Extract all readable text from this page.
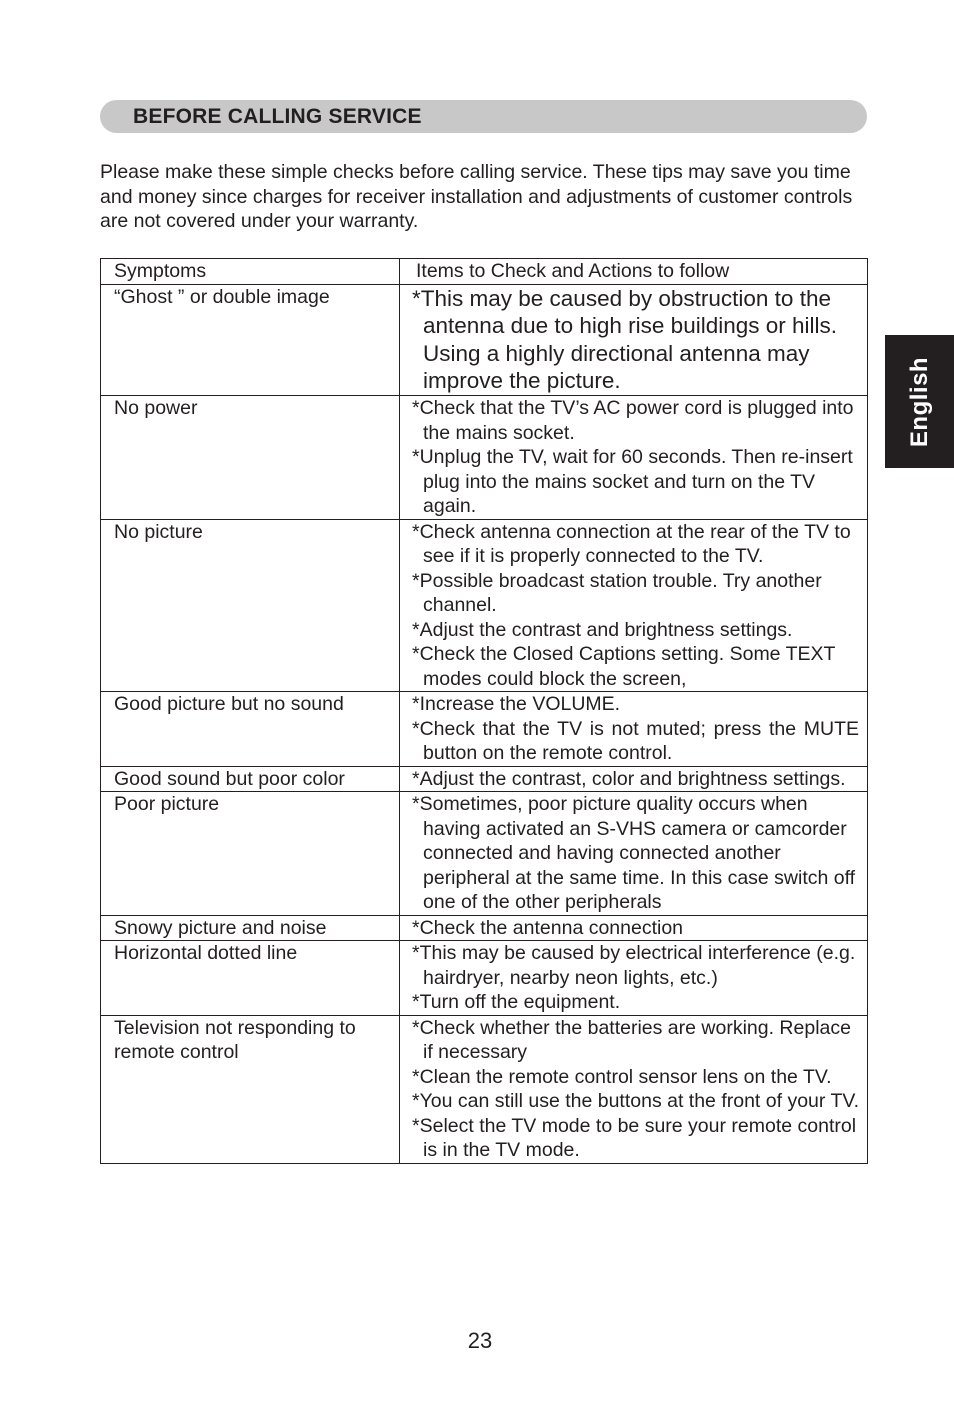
BEFORE CALLING SERVICE

Please make these simple checks before calling service. These tips may save you time and money since charges for receiver installation and adjustments of customer controls are not covered under your warranty.

Symptoms	Items to Check and Actions to follow
“Ghost ” or double image	*This may be caused by obstruction to the antenna due to high rise buildings or hills. Using a highly directional antenna may improve the picture.

No power	*Check that the TV’s AC power cord is plugged into the mains socket.
*Unplug the TV, wait for 60 seconds. Then re-insert plug into the mains socket and turn on the TV again.

No picture	*Check antenna connection at the rear of the TV to see if it is properly connected to the TV.
*Possible broadcast station trouble. Try another channel.
*Adjust the contrast and brightness settings.
*Check the Closed Captions setting. Some TEXT modes could block the screen,

Good picture but no sound	*Increase the VOLUME.
*Check that the TV is not muted; press the MUTE button on the remote control.

Good sound but poor color	*Adjust the contrast, color and brightness settings.

Poor picture	*Sometimes, poor picture quality occurs when having activated an S-VHS camera or camcorder connected and having connected another peripheral at the same time. In this case switch off one of the other peripherals

Snowy picture and noise	*Check the antenna connection

Horizontal dotted line	*This may be caused by electrical interference (e.g. hairdryer, nearby neon lights, etc.)
*Turn off the equipment.

Television not responding to remote control	*Check whether the batteries are working. Replace if necessary
*Clean the remote control sensor lens on the TV.
*You can still use the buttons at the front of your TV.
*Select the TV mode to be sure your remote control is in the TV mode.
English
23
